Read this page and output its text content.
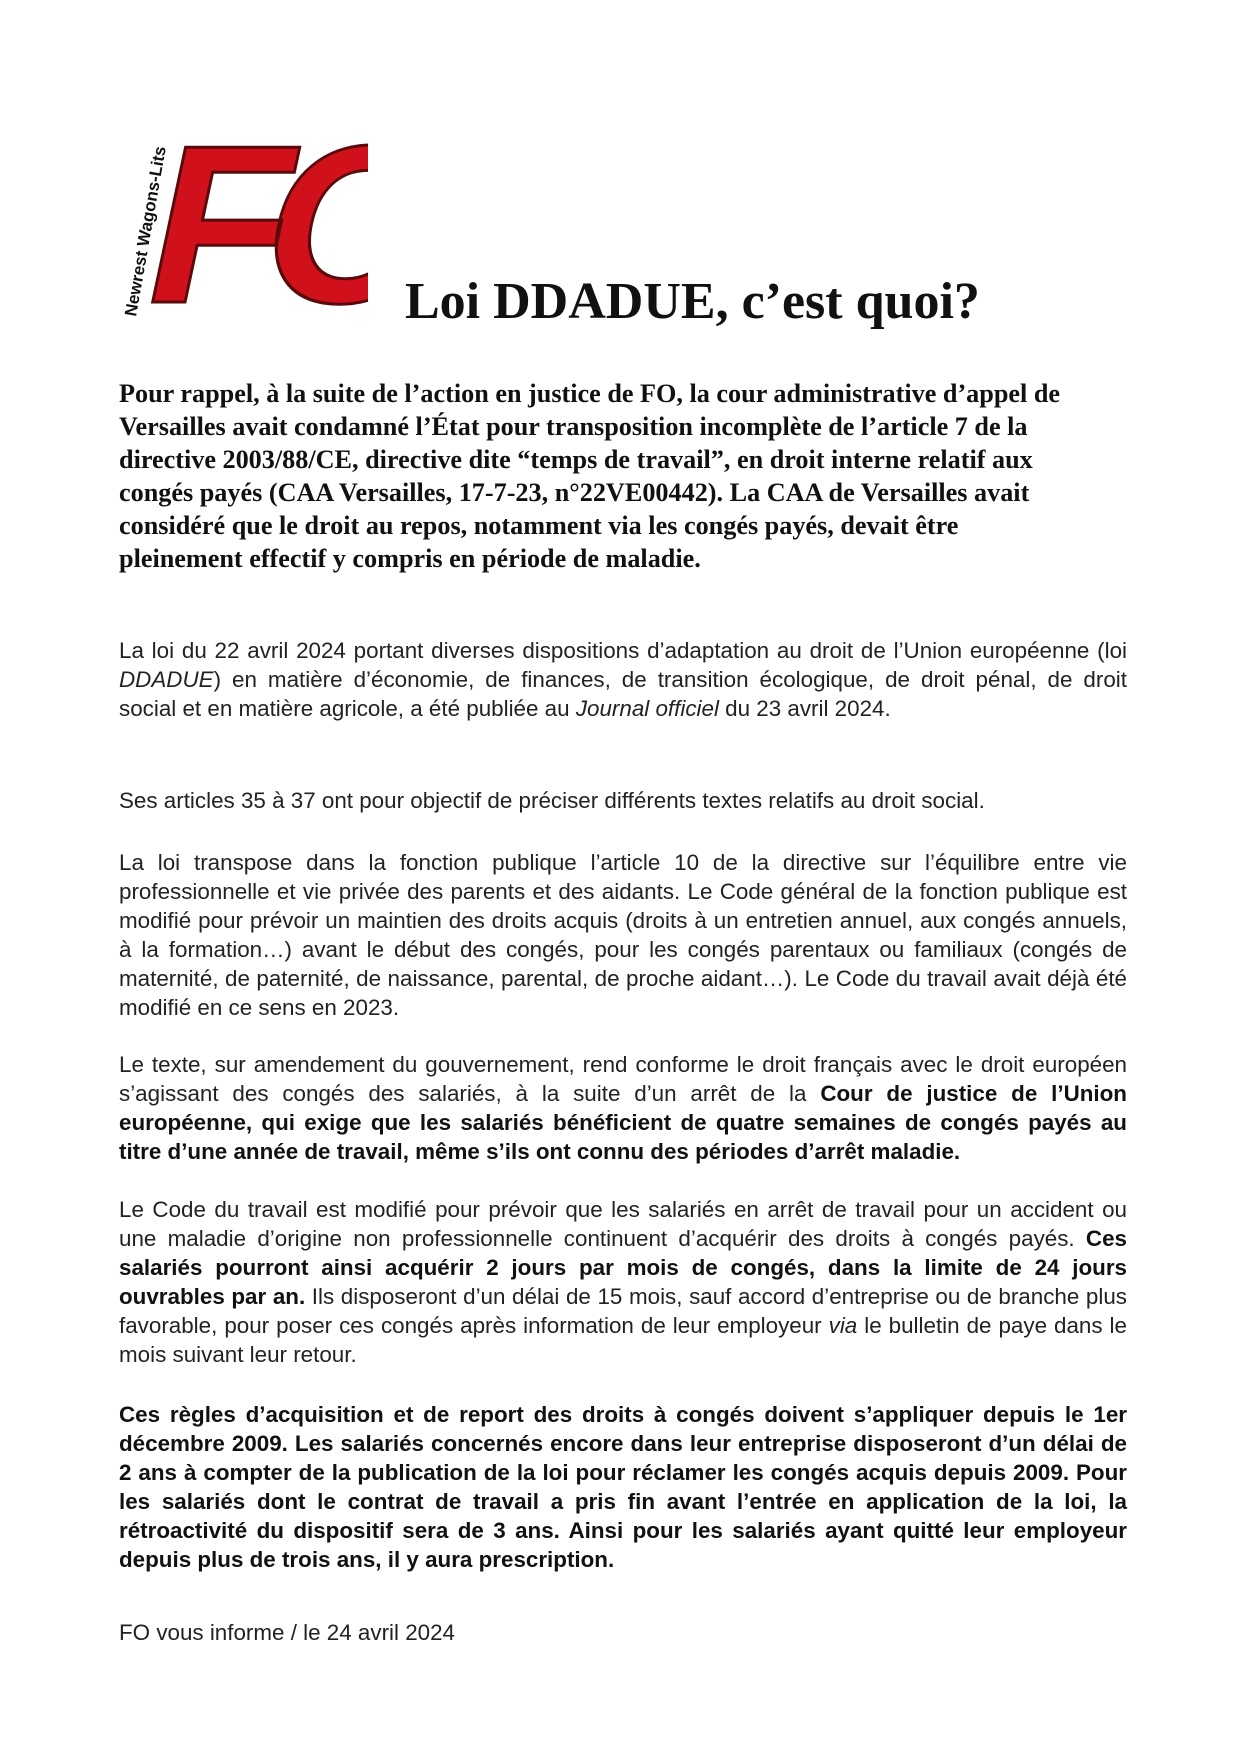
FO
Newrest Wagons-Lits	Loi DDADUE, c’est quoi?

Pour rappel, à la suite de l’action en justice de FO, la cour administrative d’appel de Versailles avait condamné l’État pour transposition incomplète de l’article 7 de la directive 2003/88/CE, directive dite “temps de travail”, en droit interne relatif aux congés payés (CAA Versailles, 17-7-23, n°22VE00442). La CAA de Versailles avait considéré que le droit au repos, notamment via les congés payés, devait être pleinement effectif y compris en période de maladie.

La loi du 22 avril 2024 portant diverses dispositions d’adaptation au droit de l’Union européenne (loi DDADUE) en matière d’économie, de finances, de transition écologique, de droit pénal, de droit social et en matière agricole, a été publiée au Journal officiel du 23 avril 2024.

Ses articles 35 à 37 ont pour objectif de préciser différents textes relatifs au droit social.

La loi transpose dans la fonction publique l’article 10 de la directive sur l’équilibre entre vie professionnelle et vie privée des parents et des aidants. Le Code général de la fonction publique est modifié pour prévoir un maintien des droits acquis (droits à un entretien annuel, aux congés annuels, à la formation…) avant le début des congés, pour les congés parentaux ou familiaux (congés de maternité, de paternité, de naissance, parental, de proche aidant…). Le Code du travail avait déjà été modifié en ce sens en 2023.

Le texte, sur amendement du gouvernement, rend conforme le droit français avec le droit européen s’agissant des congés des salariés, à la suite d’un arrêt de la Cour de justice de l’Union européenne, qui exige que les salariés bénéficient de quatre semaines de congés payés au titre d’une année de travail, même s’ils ont connu des périodes d’arrêt maladie.

Le Code du travail est modifié pour prévoir que les salariés en arrêt de travail pour un accident ou une maladie d’origine non professionnelle continuent d’acquérir des droits à congés payés. Ces salariés pourront ainsi acquérir 2 jours par mois de congés, dans la limite de 24 jours ouvrables par an. Ils disposeront d’un délai de 15 mois, sauf accord d’entreprise ou de branche plus favorable, pour poser ces congés après information de leur employeur via le bulletin de paye dans le mois suivant leur retour.

Ces règles d’acquisition et de report des droits à congés doivent s’appliquer depuis le 1er décembre 2009. Les salariés concernés encore dans leur entreprise disposeront d’un délai de 2 ans à compter de la publication de la loi pour réclamer les congés acquis depuis 2009. Pour les salariés dont le contrat de travail a pris fin avant l’entrée en application de la loi, la rétroactivité du dispositif sera de 3 ans. Ainsi pour les salariés ayant quitté leur employeur depuis plus de trois ans, il y aura prescription.

FO vous informe / le 24 avril 2024
